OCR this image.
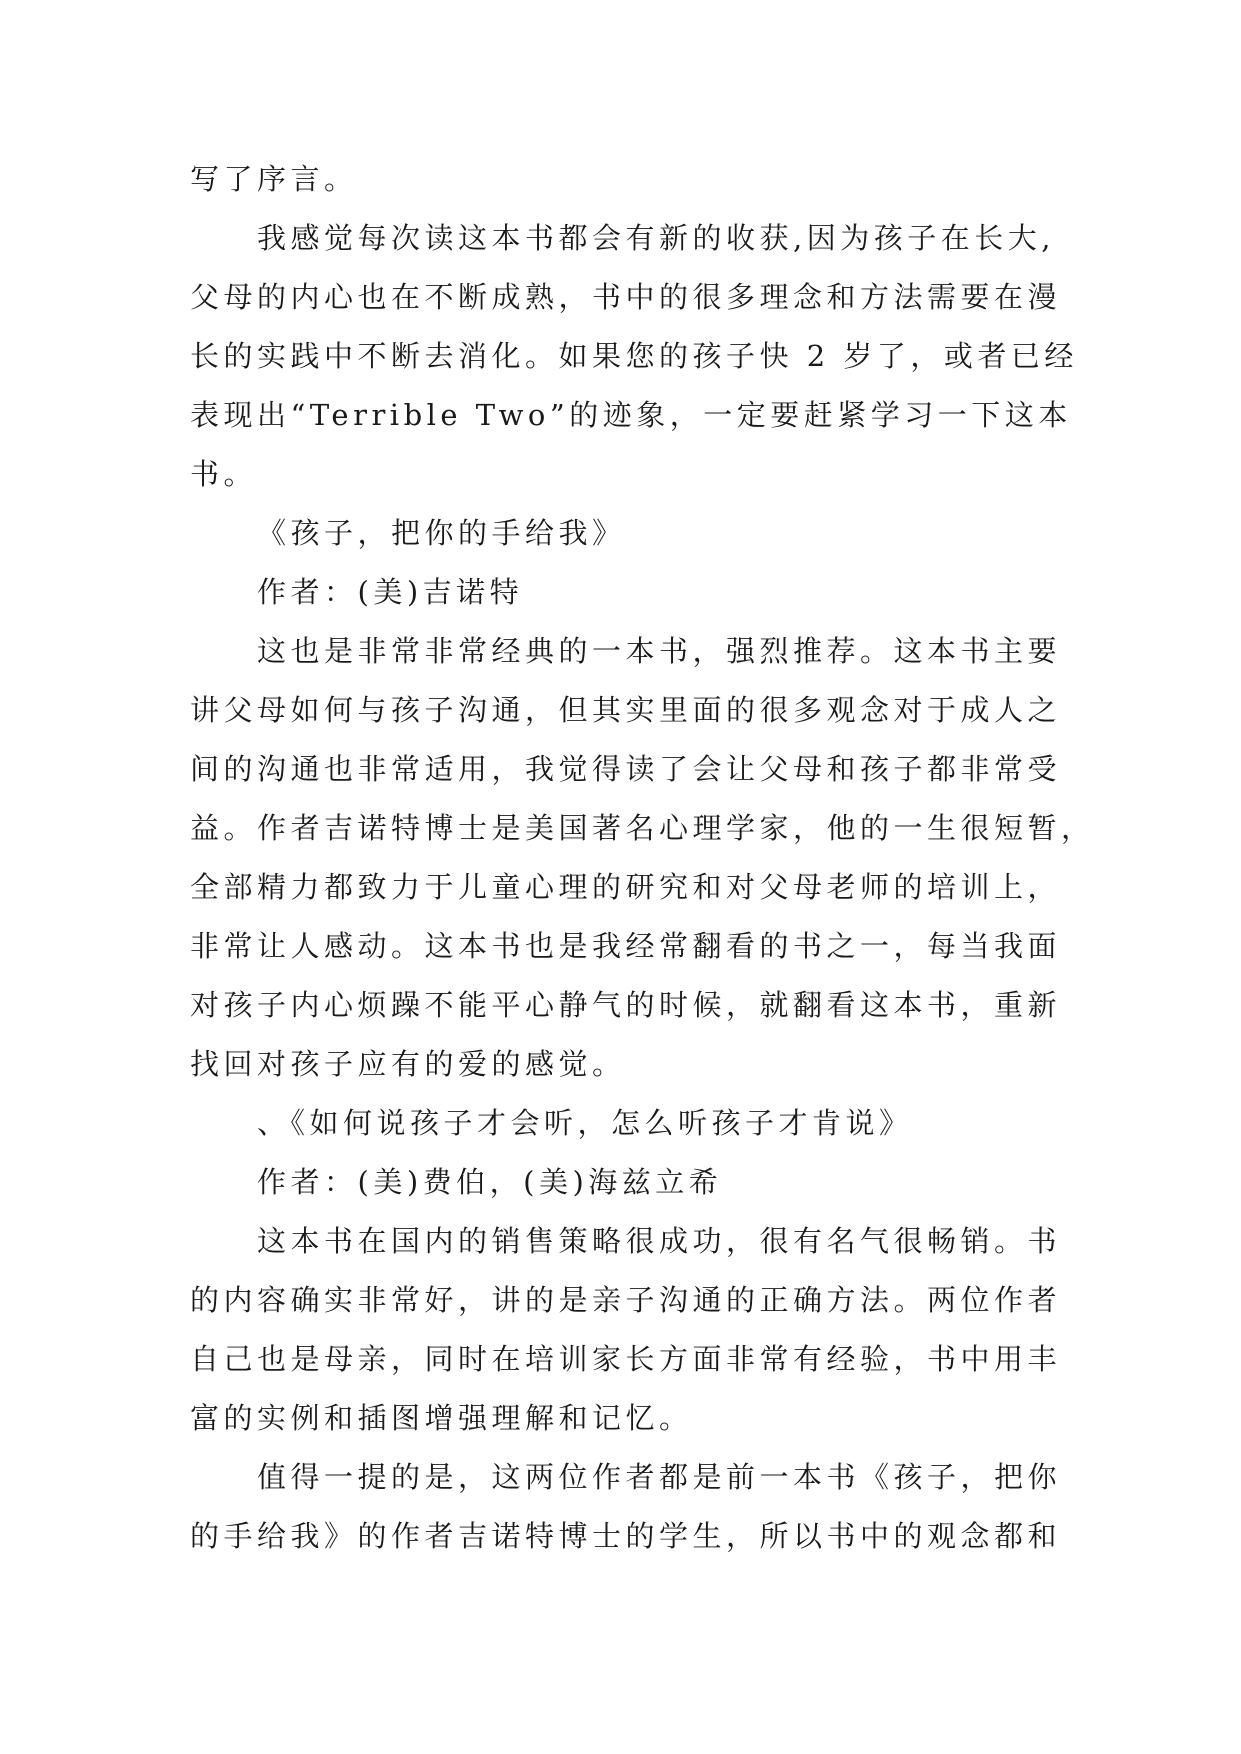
写了序言。
我感觉每次读这本书都会有新的收获,因为孩子在长大,
父母的内心也在不断成熟，书中的很多理念和方法需要在漫
长的实践中不断去消化。如果您的孩子快 2 岁了，或者已经
表现出“Terrible Two”的迹象，一定要赶紧学习一下这本
书。
《孩子，把你的手给我》
作者：(美)吉诺特
这也是非常非常经典的一本书，强烈推荐。这本书主要
讲父母如何与孩子沟通，但其实里面的很多观念对于成人之
间的沟通也非常适用，我觉得读了会让父母和孩子都非常受
益。作者吉诺特博士是美国著名心理学家，他的一生很短暂，
全部精力都致力于儿童心理的研究和对父母老师的培训上，
非常让人感动。这本书也是我经常翻看的书之一，每当我面
对孩子内心烦躁不能平心静气的时候，就翻看这本书，重新
找回对孩子应有的爱的感觉。
、《如何说孩子才会听，怎么听孩子才肯说》
作者：(美)费伯，(美)海兹立希
这本书在国内的销售策略很成功，很有名气很畅销。书
的内容确实非常好，讲的是亲子沟通的正确方法。两位作者
自己也是母亲，同时在培训家长方面非常有经验，书中用丰
富的实例和插图增强理解和记忆。
值得一提的是，这两位作者都是前一本书《孩子，把你
的手给我》的作者吉诺特博士的学生，所以书中的观念都和
